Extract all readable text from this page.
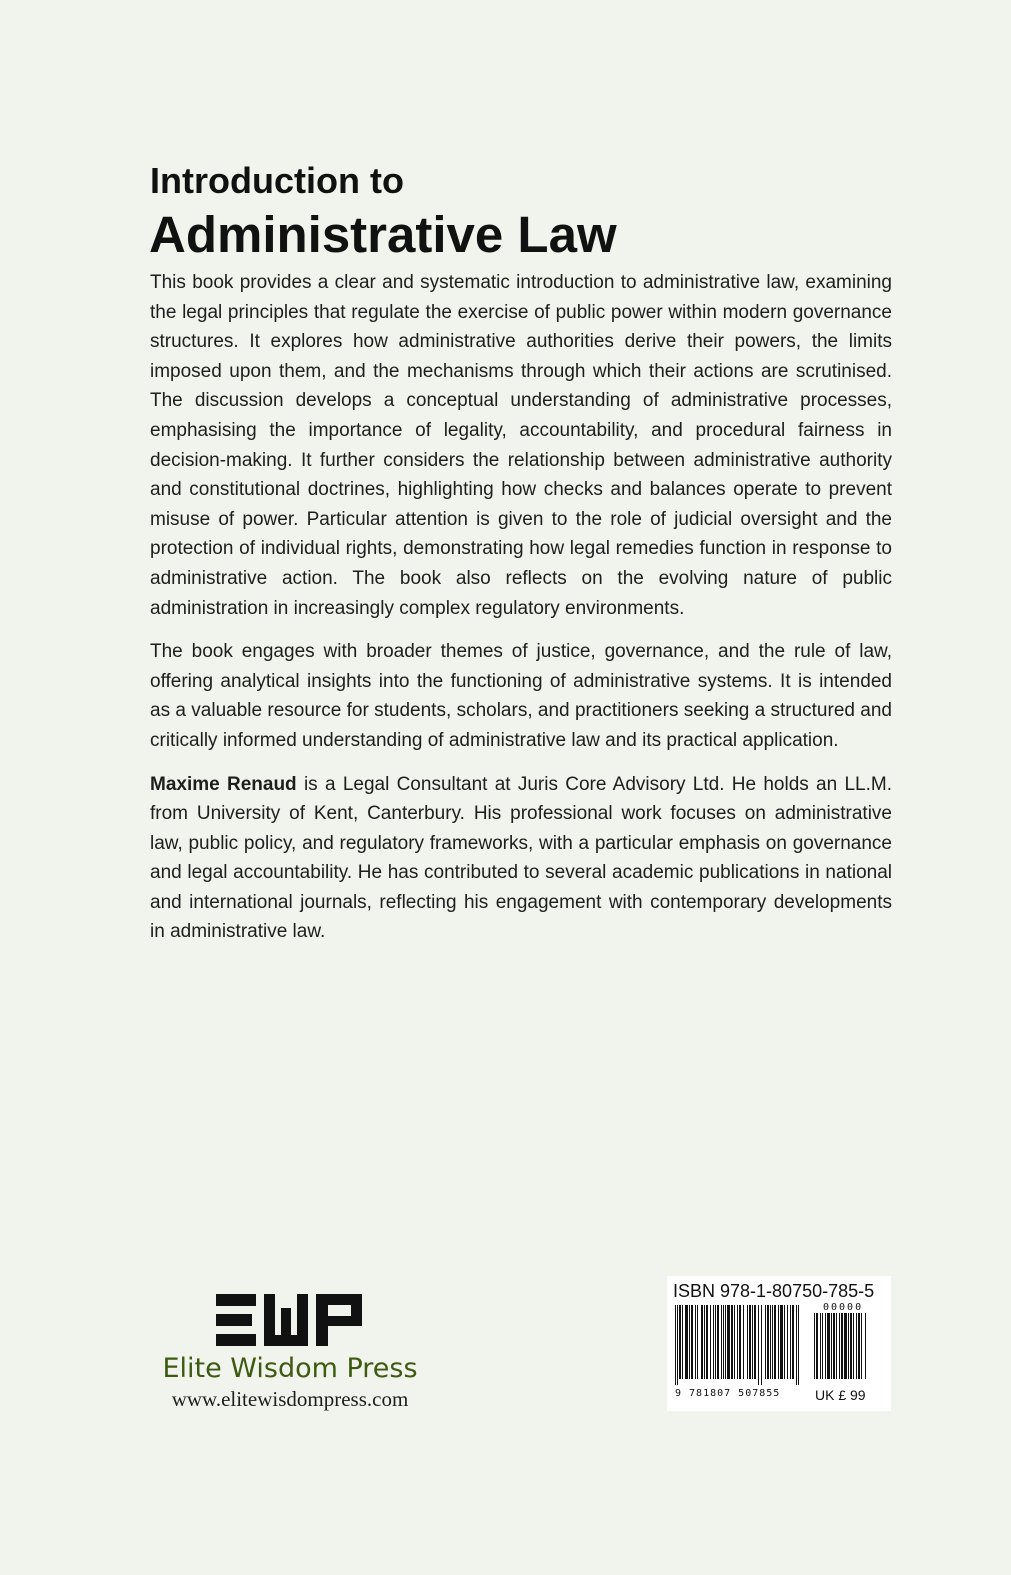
Introduction to
Administrative Law

This book provides a clear and systematic introduction to administrative law, examining the legal principles that regulate the exercise of public power within modern governance structures. It explores how administrative authorities derive their powers, the limits imposed upon them, and the mechanisms through which their actions are scrutinised. The discussion develops a conceptual understanding of administrative processes, emphasising the importance of legality, accountability, and procedural fairness in decision-making. It further considers the relationship between administrative authority and constitutional doctrines, highlighting how checks and balances operate to prevent misuse of power. Particular attention is given to the role of judicial oversight and the protection of individual rights, demonstrating how legal remedies function in response to administrative action. The book also reflects on the evolving nature of public administration in increasingly complex regulatory environments.

The book engages with broader themes of justice, governance, and the rule of law, offering analytical insights into the functioning of administrative systems. It is intended as a valuable resource for students, scholars, and practitioners seeking a structured and critically informed understanding of administrative law and its practical application.

Maxime Renaud is a Legal Consultant at Juris Core Advisory Ltd. He holds an LL.M. from University of Kent, Canterbury. His professional work focuses on administrative law, public policy, and regulatory frameworks, with a particular emphasis on governance and legal accountability. He has contributed to several academic publications in national and international journals, reflecting his engagement with contemporary developments in administrative law.

Elite Wisdom Press
www.elitewisdompress.com
ISBN 978-1-80750-785-5
00000
9 781807 507855 UK £ 99
